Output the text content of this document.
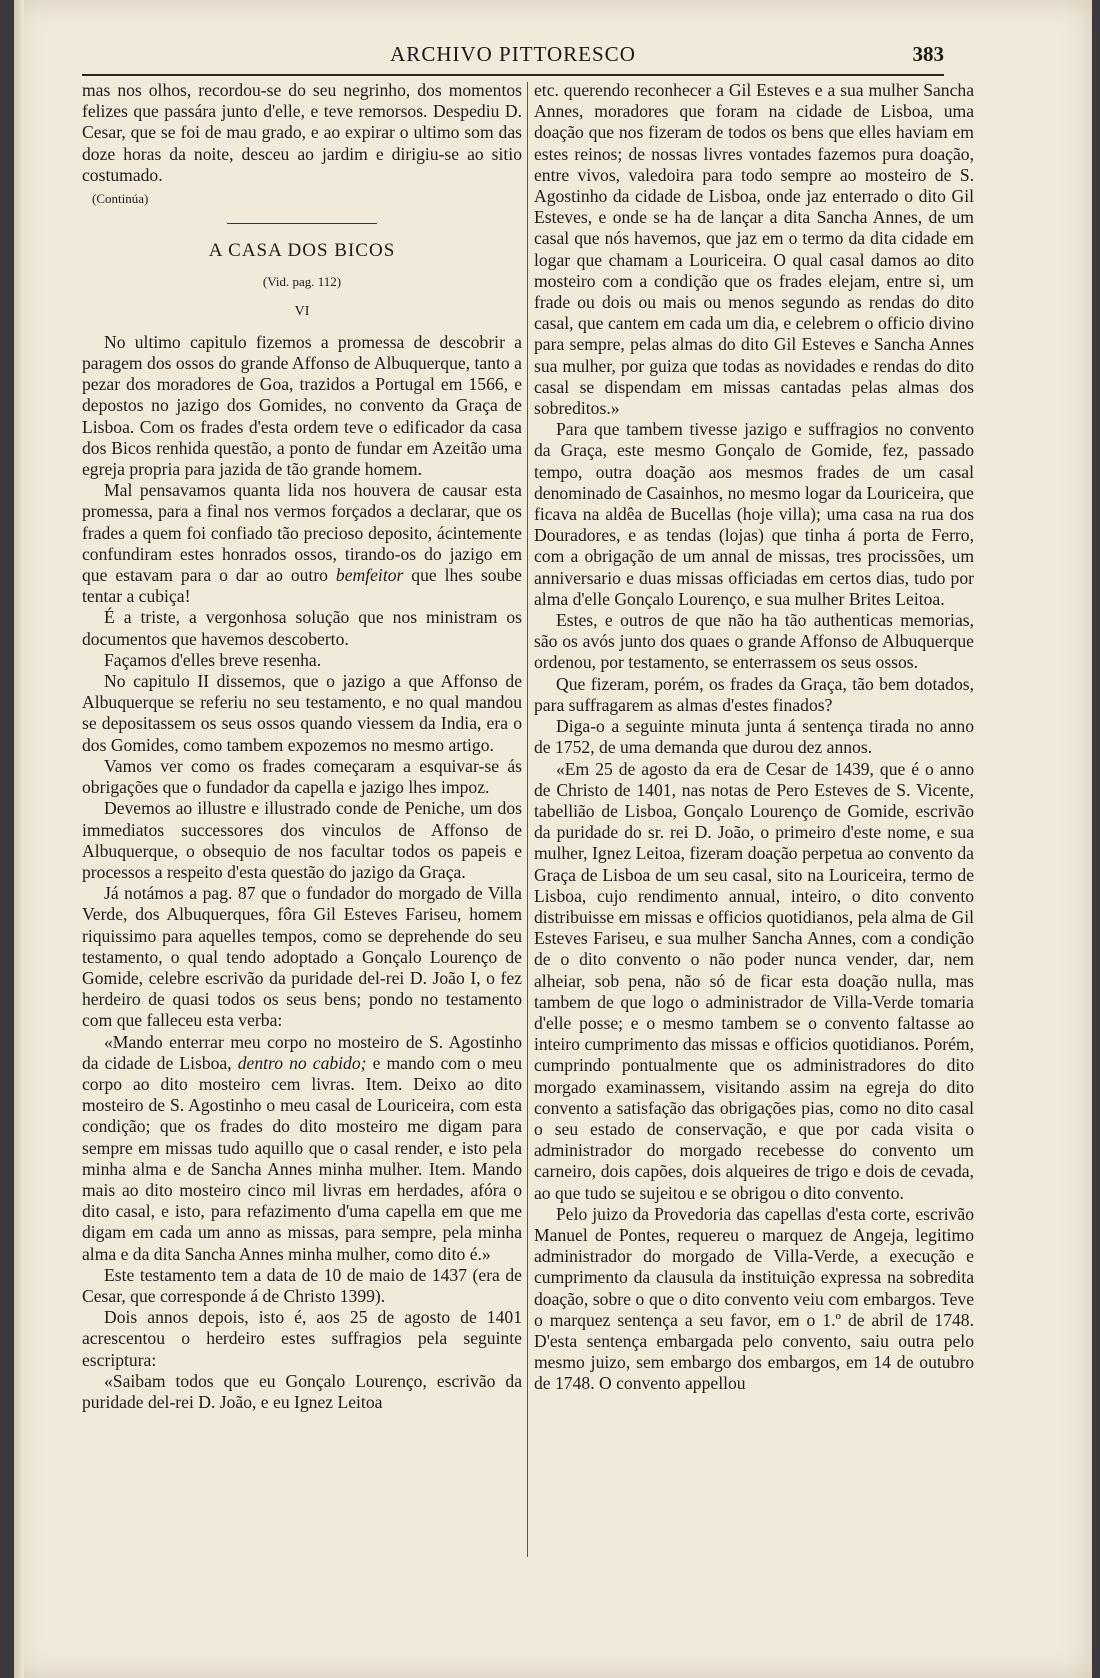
ARCHIVO PITTORESCO	383

mas nos olhos, recordou-se do seu negrinho, dos momentos felizes que passára junto d'elle, e teve remorsos. Despediu D. Cesar, que se foi de mau grado, e ao expirar o ultimo som das doze horas da noite, desceu ao jardim e dirigiu-se ao sitio costumado.

(Continúa)
A CASA DOS BICOS
(Vid. pag. 112)
VI

No ultimo capitulo fizemos a promessa de descobrir a paragem dos ossos do grande Affonso de Albuquerque, tanto a pezar dos moradores de Goa, trazidos a Portugal em 1566, e depostos no jazigo dos Gomides, no convento da Graça de Lisboa. Com os frades d'esta ordem teve o edificador da casa dos Bicos renhida questão, a ponto de fundar em Azeitão uma egreja propria para jazida de tão grande homem.

Mal pensavamos quanta lida nos houvera de causar esta promessa, para a final nos vermos forçados a declarar, que os frades a quem foi confiado tão precioso deposito, ácintemente confundiram estes honrados ossos, tirando-os do jazigo em que estavam para o dar ao outro bemfeitor que lhes soube tentar a cubiça!

É a triste, a vergonhosa solução que nos ministram os documentos que havemos descoberto.

Façamos d'elles breve resenha.

No capitulo II dissemos, que o jazigo a que Affonso de Albuquerque se referiu no seu testamento, e no qual mandou se depositassem os seus ossos quando viessem da India, era o dos Gomides, como tambem expozemos no mesmo artigo.

Vamos ver como os frades começaram a esquivar-se ás obrigações que o fundador da capella e jazigo lhes impoz.

Devemos ao illustre e illustrado conde de Peniche, um dos immediatos successores dos vinculos de Affonso de Albuquerque, o obsequio de nos facultar todos os papeis e processos a respeito d'esta questão do jazigo da Graça.

Já notámos a pag. 87 que o fundador do morgado de Villa Verde, dos Albuquerques, fôra Gil Esteves Fariseu, homem riquissimo para aquelles tempos, como se deprehende do seu testamento, o qual tendo adoptado a Gonçalo Lourenço de Gomide, celebre escrivão da puridade del-rei D. João I, o fez herdeiro de quasi todos os seus bens; pondo no testamento com que falleceu esta verba:

«Mando enterrar meu corpo no mosteiro de S. Agostinho da cidade de Lisboa, dentro no cabido; e mando com o meu corpo ao dito mosteiro cem livras. Item. Deixo ao dito mosteiro de S. Agostinho o meu casal de Louriceira, com esta condição; que os frades do dito mosteiro me digam para sempre em missas tudo aquillo que o casal render, e isto pela minha alma e de Sancha Annes minha mulher. Item. Mando mais ao dito mosteiro cinco mil livras em herdades, afóra o dito casal, e isto, para refazimento d'uma capella em que me digam em cada um anno as missas, para sempre, pela minha alma e da dita Sancha Annes minha mulher, como dito é.»

Este testamento tem a data de 10 de maio de 1437 (era de Cesar, que corresponde á de Christo 1399).

Dois annos depois, isto é, aos 25 de agosto de 1401 acrescentou o herdeiro estes suffragios pela seguinte escriptura:

«Saibam todos que eu Gonçalo Lourenço, escrivão da puridade del-rei D. João, e eu Ignez Leitoa

etc. querendo reconhecer a Gil Esteves e a sua mulher Sancha Annes, moradores que foram na cidade de Lisboa, uma doação que nos fizeram de todos os bens que elles haviam em estes reinos; de nossas livres vontades fazemos pura doação, entre vivos, valedoira para todo sempre ao mosteiro de S. Agostinho da cidade de Lisboa, onde jaz enterrado o dito Gil Esteves, e onde se ha de lançar a dita Sancha Annes, de um casal que nós havemos, que jaz em o termo da dita cidade em logar que chamam a Louriceira. O qual casal damos ao dito mosteiro com a condição que os frades elejam, entre si, um frade ou dois ou mais ou menos segundo as rendas do dito casal, que cantem em cada um dia, e celebrem o officio divino para sempre, pelas almas do dito Gil Esteves e Sancha Annes sua mulher, por guiza que todas as novidades e rendas do dito casal se dispendam em missas cantadas pelas almas dos sobreditos.»

Para que tambem tivesse jazigo e suffragios no convento da Graça, este mesmo Gonçalo de Gomide, fez, passado tempo, outra doação aos mesmos frades de um casal denominado de Casainhos, no mesmo logar da Louriceira, que ficava na aldêa de Bucellas (hoje villa); uma casa na rua dos Douradores, e as tendas (lojas) que tinha á porta de Ferro, com a obrigação de um annal de missas, tres procissões, um anniversario e duas missas officiadas em certos dias, tudo por alma d'elle Gonçalo Lourenço, e sua mulher Brites Leitoa.

Estes, e outros de que não ha tão authenticas memorias, são os avós junto dos quaes o grande Affonso de Albuquerque ordenou, por testamento, se enterrassem os seus ossos.

Que fizeram, porém, os frades da Graça, tão bem dotados, para suffragarem as almas d'estes finados?

Diga-o a seguinte minuta junta á sentença tirada no anno de 1752, de uma demanda que durou dez annos.

«Em 25 de agosto da era de Cesar de 1439, que é o anno de Christo de 1401, nas notas de Pero Esteves de S. Vicente, tabellião de Lisboa, Gonçalo Lourenço de Gomide, escrivão da puridade do sr. rei D. João, o primeiro d'este nome, e sua mulher, Ignez Leitoa, fizeram doação perpetua ao convento da Graça de Lisboa de um seu casal, sito na Louriceira, termo de Lisboa, cujo rendimento annual, inteiro, o dito convento distribuisse em missas e officios quotidianos, pela alma de Gil Esteves Fariseu, e sua mulher Sancha Annes, com a condição de o dito convento o não poder nunca vender, dar, nem alheiar, sob pena, não só de ficar esta doação nulla, mas tambem de que logo o administrador de Villa-Verde tomaria d'elle posse; e o mesmo tambem se o convento faltasse ao inteiro cumprimento das missas e officios quotidianos. Porém, cumprindo pontualmente que os administradores do dito morgado examinassem, visitando assim na egreja do dito convento a satisfação das obrigações pias, como no dito casal o seu estado de conservação, e que por cada visita o administrador do morgado recebesse do convento um carneiro, dois capões, dois alqueires de trigo e dois de cevada, ao que tudo se sujeitou e se obrigou o dito convento.

Pelo juizo da Provedoria das capellas d'esta corte, escrivão Manuel de Pontes, requereu o marquez de Angeja, legitimo administrador do morgado de Villa-Verde, a execução e cumprimento da clausula da instituição expressa na sobredita doação, sobre o que o dito convento veiu com embargos. Teve o marquez sentença a seu favor, em o 1.º de abril de 1748. D'esta sentença embargada pelo convento, saiu outra pelo mesmo juizo, sem embargo dos embargos, em 14 de outubro de 1748. O convento appellou
